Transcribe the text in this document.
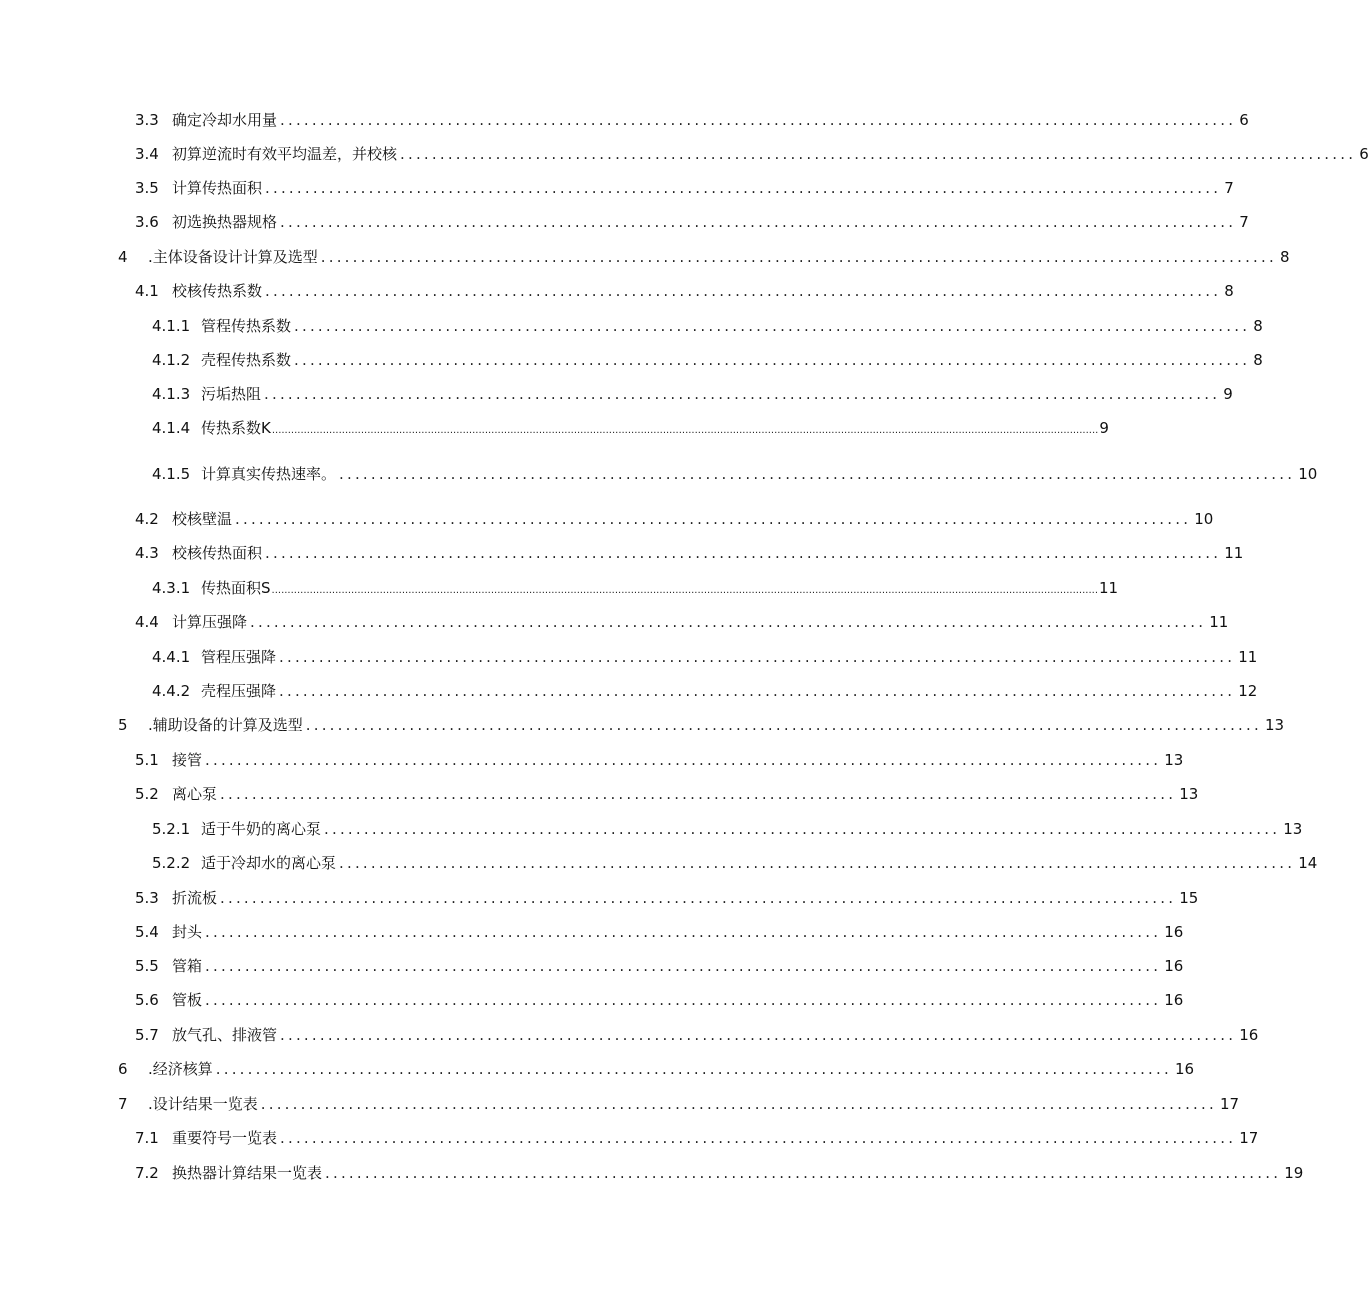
3.3 确定冷却水用量 ........................................................................................................................ 6
3.4 初算逆流时有效平均温差，并校核 ........................................................................................................................ 6
3.5 计算传热面积 ........................................................................................................................ 7
3.6 初选换热器规格 ........................................................................................................................ 7
4	.主体设备设计计算及选型 ........................................................................................................................ 8
4.1 校核传热系数 ........................................................................................................................ 8
4.1.1 管程传热系数 ........................................................................................................................ 8
4.1.2 壳程传热系数 ........................................................................................................................ 8
4.1.3 污垢热阻 ........................................................................................................................ 9
4.1.4 传热系数K .................................................................................................................................................................................................................................................................... 9
4.1.5 计算真实传热速率。 ........................................................................................................................ 10
4.2 校核壁温 ........................................................................................................................ 10
4.3 校核传热面积 ........................................................................................................................ 11
4.3.1 传热面积S .................................................................................................................................................................................................................................................................... 11
4.4 计算压强降 ........................................................................................................................ 11
4.4.1 管程压强降 ........................................................................................................................ 11
4.4.2 壳程压强降 ........................................................................................................................ 12
5	.辅助设备的计算及选型 ........................................................................................................................ 13
5.1 接管 ........................................................................................................................ 13
5.2 离心泵 ........................................................................................................................ 13
5.2.1 适于牛奶的离心泵 ........................................................................................................................ 13
5.2.2 适于冷却水的离心泵 ........................................................................................................................ 14
5.3 折流板 ........................................................................................................................ 15
5.4 封头 ........................................................................................................................ 16
5.5 管箱 ........................................................................................................................ 16
5.6 管板 ........................................................................................................................ 16
5.7 放气孔、排液管 ........................................................................................................................ 16
6	.经济核算 ........................................................................................................................ 16
7	.设计结果一览表 ........................................................................................................................ 17
7.1 重要符号一览表 ........................................................................................................................ 17
7.2 换热器计算结果一览表 ........................................................................................................................ 19
